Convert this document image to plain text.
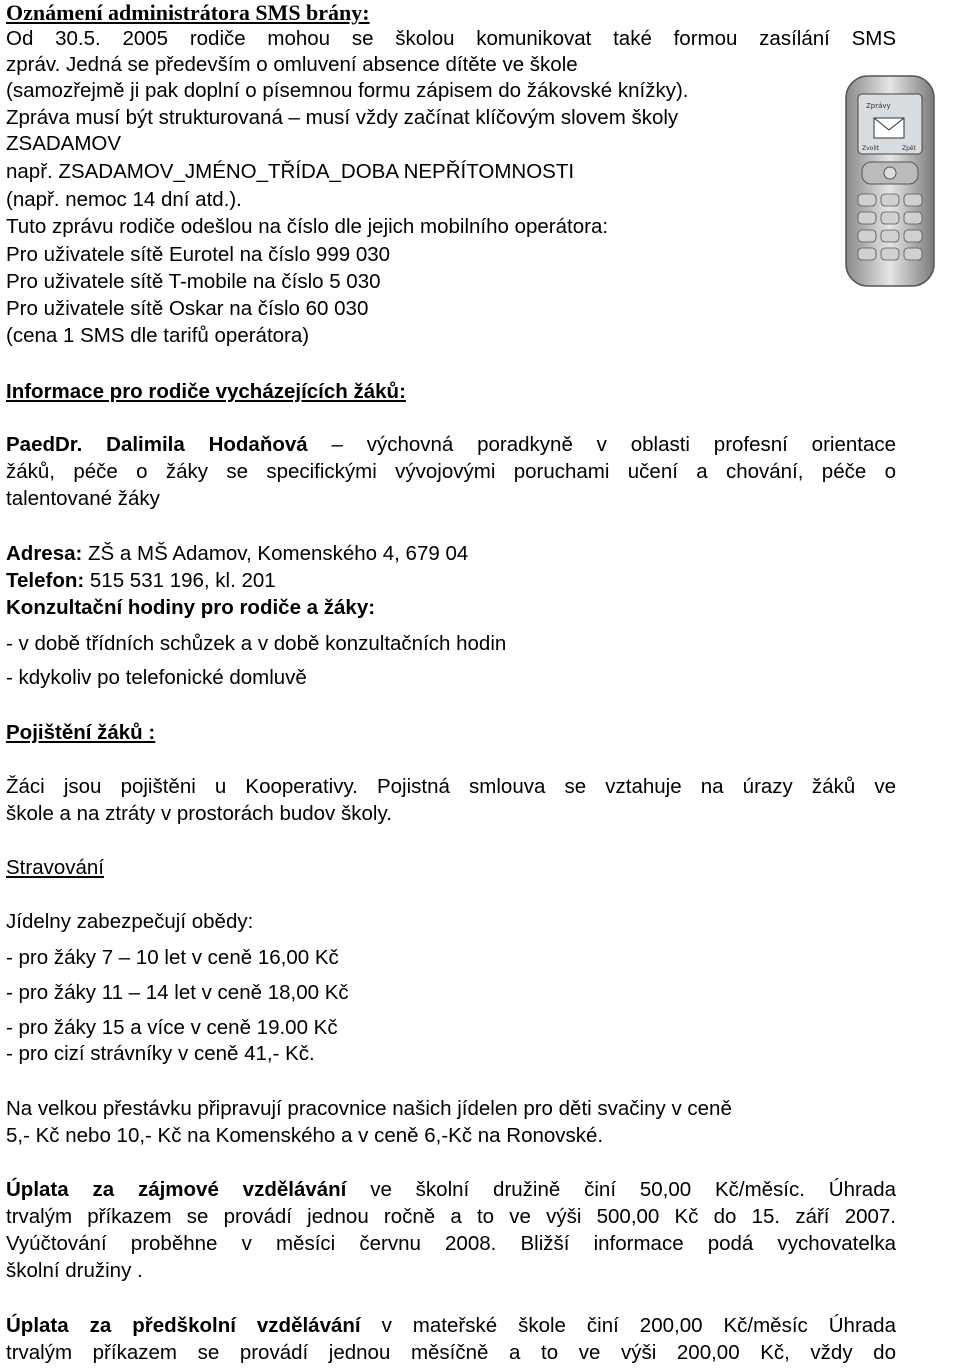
Oznámení administrátora SMS brány:
Od 30.5. 2005 rodiče mohou se školou komunikovat také formou zasílání SMS
zpráv. Jedná se především o omluvení absence dítěte ve škole
(samozřejmě ji pak doplní o písemnou formu zápisem do žákovské knížky).
Zpráva musí být strukturovaná – musí vždy začínat klíčovým slovem školy
ZSADAMOV
např. ZSADAMOV_JMÉNO_TŘÍDA_DOBA NEPŘÍTOMNOSTI
(např. nemoc 14 dní atd.).
Tuto zprávu rodiče odešlou na číslo dle jejich mobilního operátora:
Pro uživatele sítě Eurotel na číslo 999 030
Pro uživatele sítě T-mobile na číslo 5 030
Pro uživatele sítě Oskar na číslo 60 030
(cena 1 SMS dle tarifů operátora)
Zprávy
Zvolit	Zpět
Informace pro rodiče vycházejících žáků:
PaedDr. Dalimila Hodaňová – výchovná poradkyně v oblasti profesní orientace
žáků, péče o žáky se specifickými vývojovými poruchami učení a chování, péče o
talentované žáky
Adresa: ZŠ a MŠ Adamov, Komenského 4, 679 04
Telefon: 515 531 196, kl. 201
Konzultační hodiny pro rodiče a žáky:
- v době třídních schůzek a v době konzultačních hodin
- kdykoliv po telefonické domluvě
Pojištění žáků :
Žáci jsou pojištěni u Kooperativy. Pojistná smlouva se vztahuje na úrazy žáků ve
škole a na ztráty v prostorách budov školy.
Stravování
Jídelny zabezpečují obědy:
- pro žáky 7 – 10 let v ceně 16,00 Kč
- pro žáky 11 – 14 let v ceně 18,00 Kč
- pro žáky 15 a více v ceně 19.00 Kč
- pro cizí strávníky v ceně 41,- Kč.
Na velkou přestávku připravují pracovnice našich jídelen pro děti svačiny v ceně
5,- Kč nebo 10,- Kč na Komenského a v ceně 6,-Kč na Ronovské.
Úplata za zájmové vzdělávání ve školní družině činí 50,00 Kč/měsíc. Úhrada
trvalým příkazem se provádí jednou ročně a to ve výši 500,00 Kč do 15. září 2007.
Vyúčtování proběhne v měsíci červnu 2008. Bližší informace podá vychovatelka
školní družiny .
Úplata za předškolní vzdělávání v mateřské škole činí 200,00 Kč/měsíc Úhrada
trvalým příkazem se provádí jednou měsíčně a to ve výši 200,00 Kč, vždy do
